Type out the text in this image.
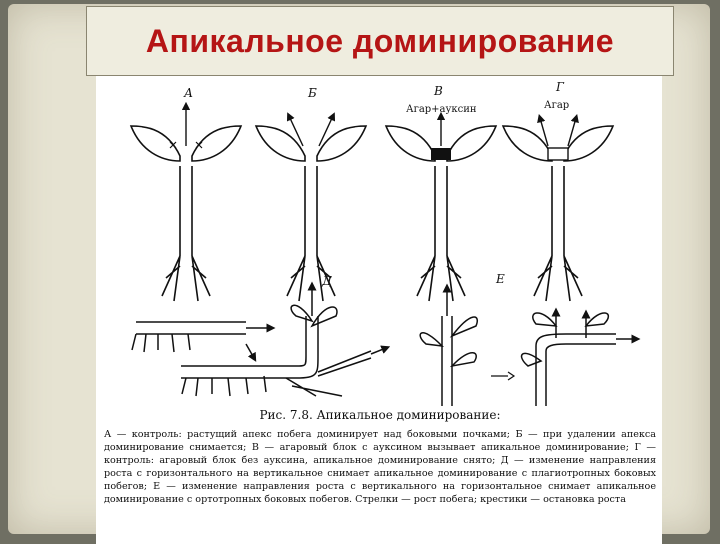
Апикальное доминирование
А	Б	В	Г
Д	Е
Агар+ауксин	Агар
Рис. 7.8. Апикальное доминирование:
А — контроль: растущий апекс побега доминирует над боковыми почками; Б — при удалении апекса доминирование снимается; В — агаровый блок с ауксином вызывает апикальное доминирование; Г — контроль: агаровый блок без ауксина, апикальное доминирование снято; Д — изменение направления роста с горизонтального на вертикальное снимает апикальное доминирование с плагиотропных боковых побегов; Е — изменение направления роста с вертикального на горизонтальное снимает апикальное доминирование с ортотропных боковых побегов. Стрелки — рост побега; крестики — остановка роста
